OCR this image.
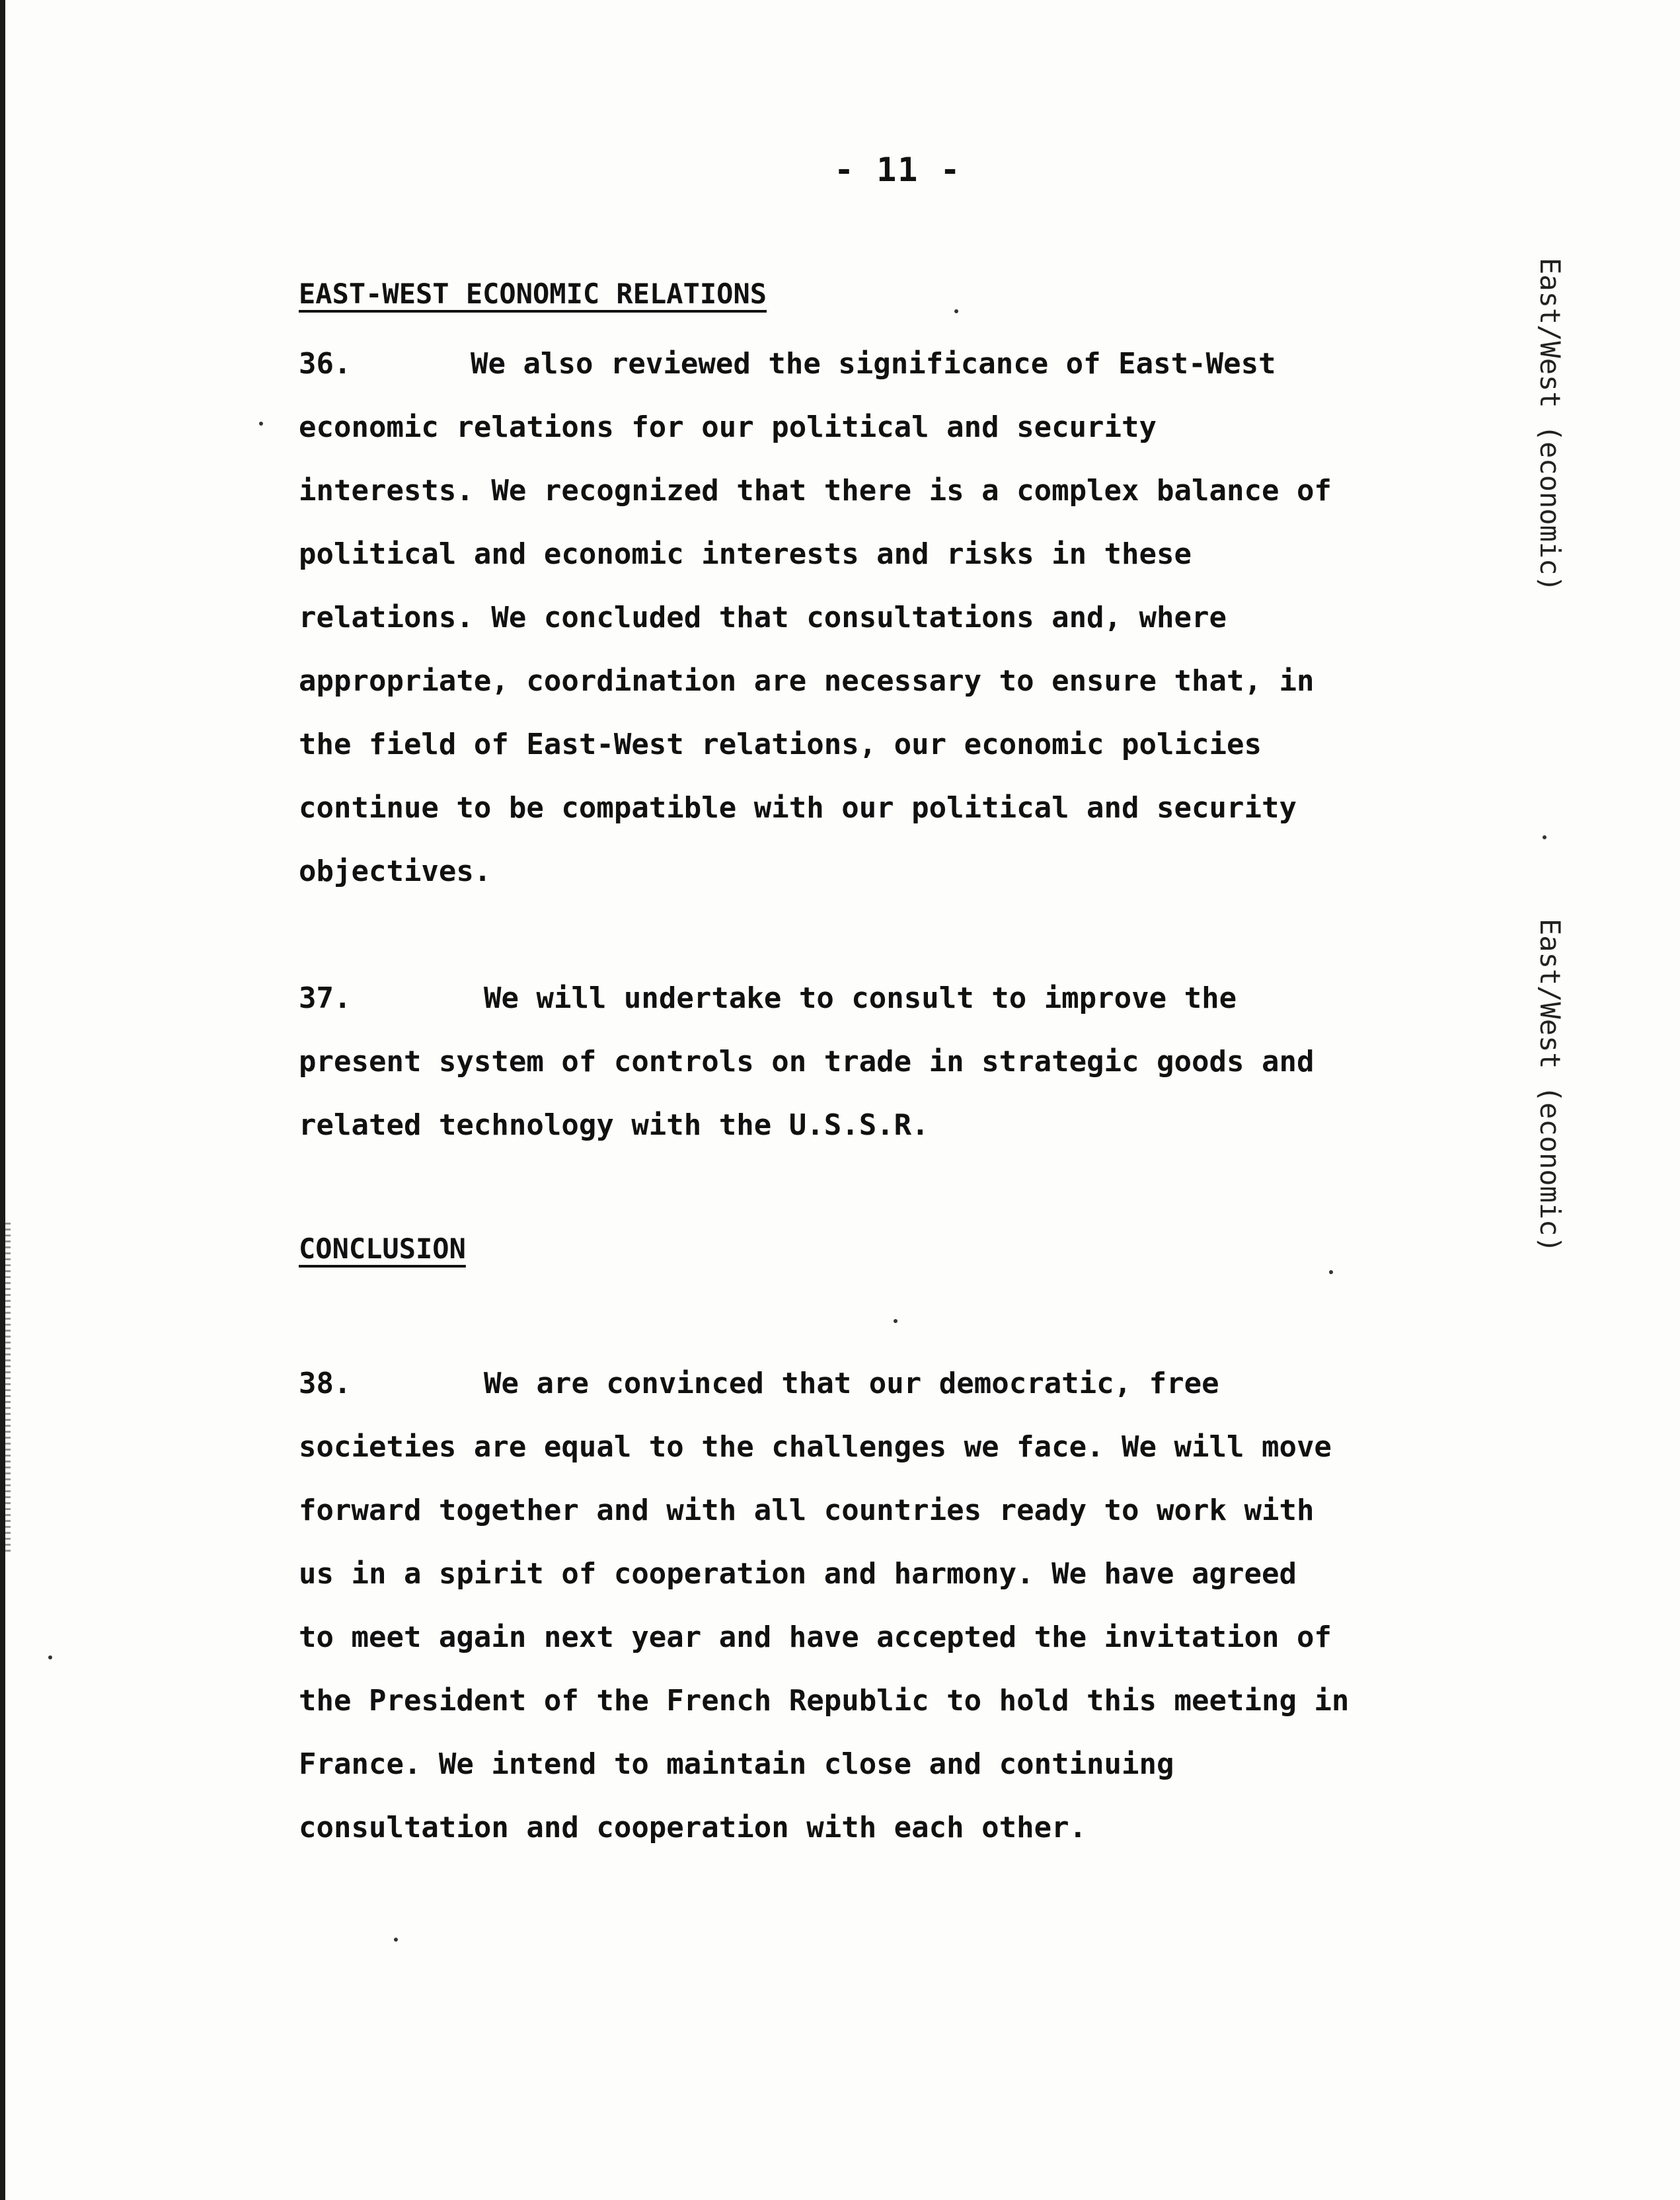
- 11 -
EAST-WEST ECONOMIC RELATIONS
36.	We also reviewed the significance of East-West
economic relations for our political and security
interests. We recognized that there is a complex balance of
political and economic interests and risks in these
relations. We concluded that consultations and, where
appropriate, coordination are necessary to ensure that, in
the field of East-West relations, our economic policies
continue to be compatible with our political and security
objectives.
37.	We will undertake to consult to improve the
present system of controls on trade in strategic goods and
related technology with the U.S.S.R.
CONCLUSION
38.	We are convinced that our democratic, free
societies are equal to the challenges we face. We will move
forward together and with all countries ready to work with
us in a spirit of cooperation and harmony. We have agreed
to meet again next year and have accepted the invitation of
the President of the French Republic to hold this meeting in
France. We intend to maintain close and continuing
consultation and cooperation with each other.
East/West (economic)
East/West (economic)
